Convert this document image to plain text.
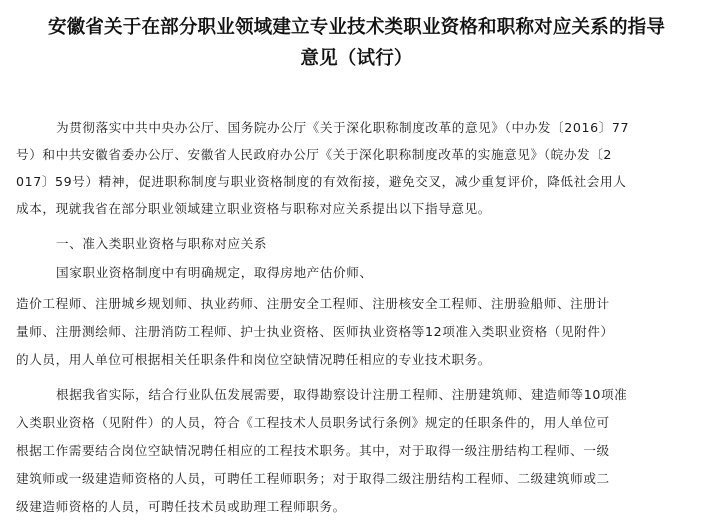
安徽省关于在部分职业领域建立专业技术类职业资格和职称对应关系的指导
意见（试行）
为贯彻落实中共中央办公厅、国务院办公厅《关于深化职称制度改革的意见》（中办发〔2016〕77
号）和中共安徽省委办公厅、安徽省人民政府办公厅《关于深化职称制度改革的实施意见》（皖办发〔2
017〕59号）精神，促进职称制度与职业资格制度的有效衔接，避免交叉，减少重复评价，降低社会用人
成本，现就我省在部分职业领域建立职业资格与职称对应关系提出以下指导意见。
一、准入类职业资格与职称对应关系
国家职业资格制度中有明确规定，取得房地产估价师、
造价工程师、注册城乡规划师、执业药师、注册安全工程师、注册核安全工程师、注册验船师、注册计
量师、注册测绘师、注册消防工程师、护士执业资格、医师执业资格等12项准入类职业资格（见附件）
的人员，用人单位可根据相关任职条件和岗位空缺情况聘任相应的专业技术职务。
根据我省实际，结合行业队伍发展需要，取得勘察设计注册工程师、注册建筑师、建造师等10项准
入类职业资格（见附件）的人员，符合《工程技术人员职务试行条例》规定的任职条件的，用人单位可
根据工作需要结合岗位空缺情况聘任相应的工程技术职务。其中，对于取得一级注册结构工程师、一级
建筑师或一级建造师资格的人员，可聘任工程师职务；对于取得二级注册结构工程师、二级建筑师或二
级建造师资格的人员，可聘任技术员或助理工程师职务。
